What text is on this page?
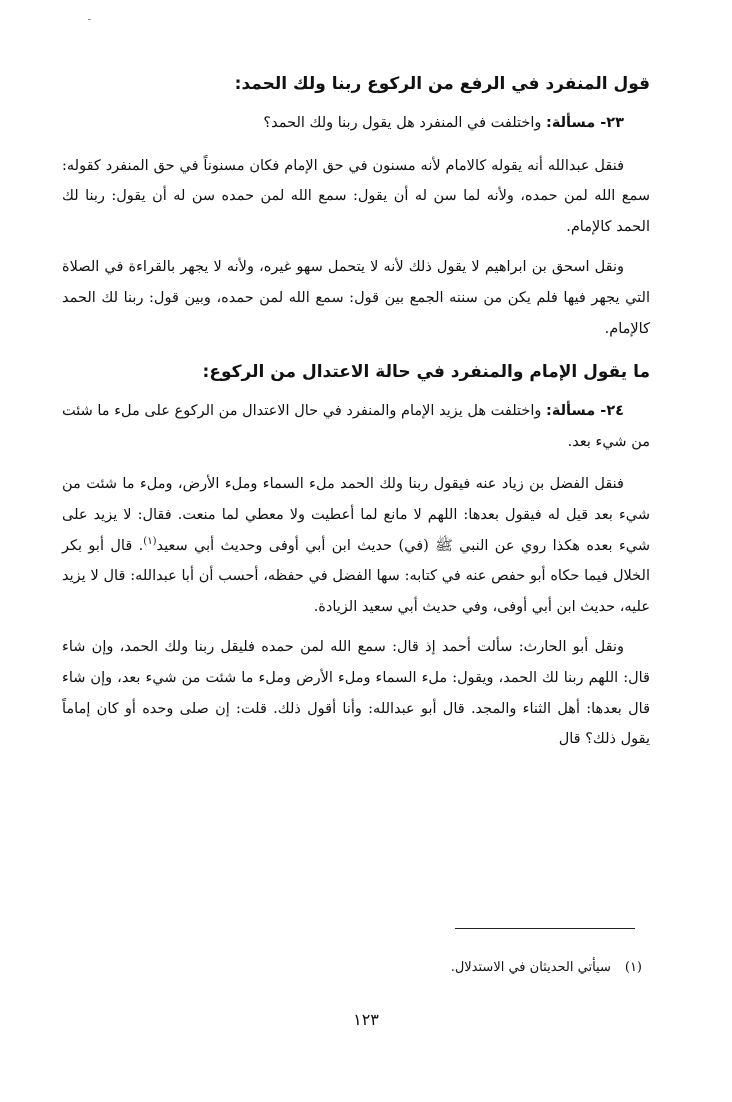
ـ

قول المنفرد في الرفع من الركوع ربنا ولك الحمد:

٢٣- مسألة: واختلفت في المنفرد هل يقول ربنا ولك الحمد؟

فنقل عبدالله أنه يقوله كالامام لأنه مسنون في حق الإمام فكان مسنوناً في حق المنفرد كقوله: سمع الله لمن حمده، ولأنه لما سن له أن يقول: سمع الله لمن حمده سن له أن يقول: ربنا لك الحمد كالإمام.

ونقل اسحق بن ابراهيم لا يقول ذلك لأنه لا يتحمل سهو غيره، ولأنه لا يجهر بالقراءة في الصلاة التي يجهر فيها فلم يكن من سننه الجمع بين قول: سمع الله لمن حمده، وبين قول: ربنا لك الحمد كالإمام.

ما يقول الإمام والمنفرد في حالة الاعتدال من الركوع:

٢٤- مسألة: واختلفت هل يزيد الإمام والمنفرد في حال الاعتدال من الركوع على ملء ما شئت من شيء بعد.

فنقل الفضل بن زياد عنه فيقول ربنا ولك الحمد ملء السماء وملء الأرض، وملء ما شئت من شيء بعد قيل له فيقول بعدها: اللهم لا مانع لما أعطيت ولا معطي لما منعت. فقال: لا يزيد على شيء بعده هكذا روي عن النبي ﷺ (في) حديث ابن أبي أوفى وحديث أبي سعيد$^{(١)}$. قال أبو بكر الخلال فيما حكاه أبو حفص عنه في كتابه: سها الفضل في حفظه، أحسب أن أبا عبدالله: قال لا يزيد عليه، حديث ابن أبي أوفى، وفي حديث أبي سعيد الزيادة.

ونقل أبو الحارث: سألت أحمد إذ قال: سمع الله لمن حمده فليقل ربنا ولك الحمد، وإن شاء قال: اللهم ربنا لك الحمد، ويقول: ملء السماء وملء الأرض وملء ما شئت من شيء بعد، وإن شاء قال بعدها: أهل الثناء والمجد. قال أبو عبدالله: وأنا أقول ذلك. قلت: إن صلى وحده أو كان إماماً يقول ذلك؟ قال

(١)سيأتي الحديثان في الاستدلال.
١٢٣
